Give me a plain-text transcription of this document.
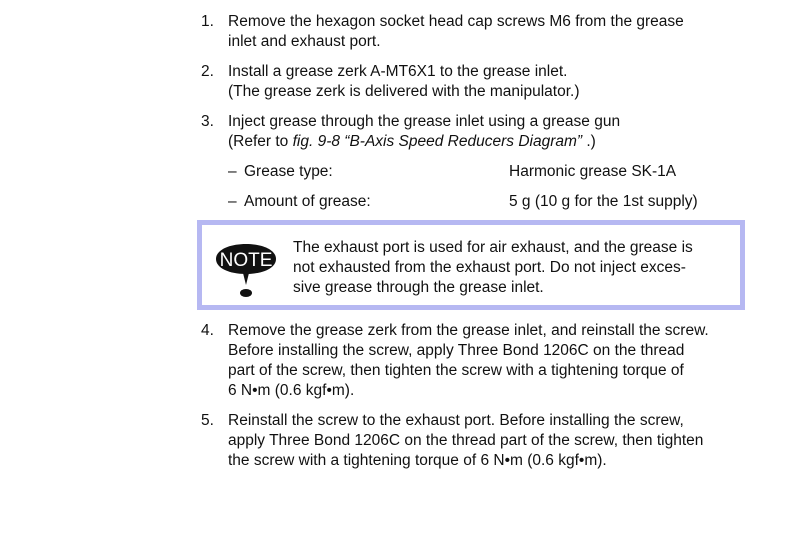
1. Remove the hexagon socket head cap screws M6 from the grease
inlet and exhaust port.
2. Install a grease zerk A-MT6X1 to the grease inlet.
(The grease zerk is delivered with the manipulator.)
3. Inject grease through the grease inlet using a grease gun
(Refer to fig. 9-8 “B-Axis Speed Reducers Diagram” .)
– Grease type:	Harmonic grease SK-1A
– Amount of grease:	5 g (10 g for the 1st supply)
NOTE
The exhaust port is used for air exhaust, and the grease is
not exhausted from the exhaust port. Do not inject exces-
sive grease through the grease inlet.
4. Remove the grease zerk from the grease inlet, and reinstall the screw.
Before installing the screw, apply Three Bond 1206C on the thread
part of the screw, then tighten the screw with a tightening torque of
6 N•m (0.6 kgf•m).
5. Reinstall the screw to the exhaust port. Before installing the screw,
apply Three Bond 1206C on the thread part of the screw, then tighten
the screw with a tightening torque of 6 N•m (0.6 kgf•m).
